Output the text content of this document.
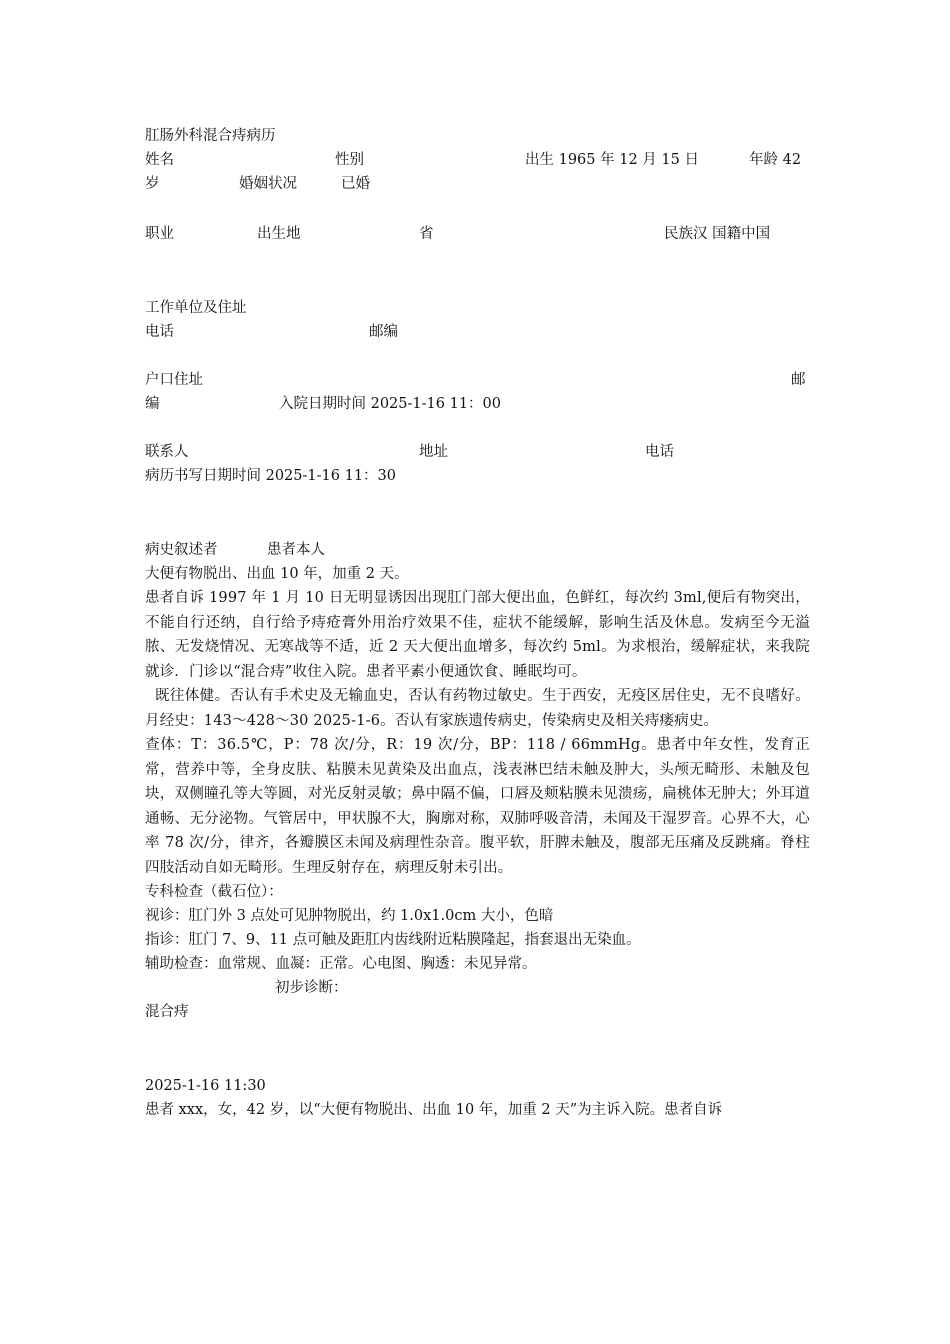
肛肠外科混合痔病历
姓名	性别	出生 1965 年 12 月 15 日	年龄 42
岁	婚姻状况	已婚
职业	出生地	省	民族汉 国籍中国
工作单位及住址
电话	邮编
户口住址	邮
编	入院日期时间 2025-1-16 11：00
联系人	地址	电话
病历书写日期时间 2025-1-16 11：30
病史叙述者	患者本人
大便有物脱出、出血 10 年，加重 2 天。
患者自诉 1997 年 1 月 10 日无明显诱因出现肛门部大便出血，色鲜红，每次约 3ml,便后有物突出，不能自行还纳，自行给予痔疮膏外用治疗效果不佳，症状不能缓解，影响生活及休息。发病至今无溢脓、无发烧情况、无寒战等不适，近 2 天大便出血增多，每次约 5ml。为求根治，缓解症状，来我院就诊．门诊以“混合痔”收住入院。患者平素小便通饮食、睡眠均可。
既往体健。否认有手术史及无输血史，否认有药物过敏史。生于西安，无疫区居住史，无不良嗜好。月经史：143～428～30 2025-1-6。否认有家族遗传病史，传染病史及相关痔瘘病史。
查体：T：36.5℃，P：78 次/分，R：19 次/分，BP：118 / 66mmHg。患者中年女性，发育正常，营养中等，全身皮肤、粘膜未见黄染及出血点，浅表淋巴结未触及肿大，头颅无畸形、未触及包块，双侧瞳孔等大等圆，对光反射灵敏；鼻中隔不偏，口唇及颊粘膜未见溃疡，扁桃体无肿大；外耳道通畅、无分泌物。气管居中，甲状腺不大，胸廓对称，双肺呼吸音清，未闻及干湿罗音。心界不大，心率 78 次/分，律齐，各瓣膜区未闻及病理性杂音。腹平软，肝脾未触及，腹部无压痛及反跳痛。脊柱四肢活动自如无畸形。生理反射存在，病理反射未引出。
专科检查（截石位）：
视诊：肛门外 3 点处可见肿物脱出，约 1.0x1.0cm 大小，色暗
指诊：肛门 7、9、11 点可触及距肛内齿线附近粘膜隆起，指套退出无染血。
辅助检查：血常规、血凝：正常。心电图、胸透：未见异常。
初步诊断：
混合痔
2025-1-16 11:30
患者 xxx，女，42 岁，以“大便有物脱出、出血 10 年，加重 2 天”为主诉入院。患者自诉
